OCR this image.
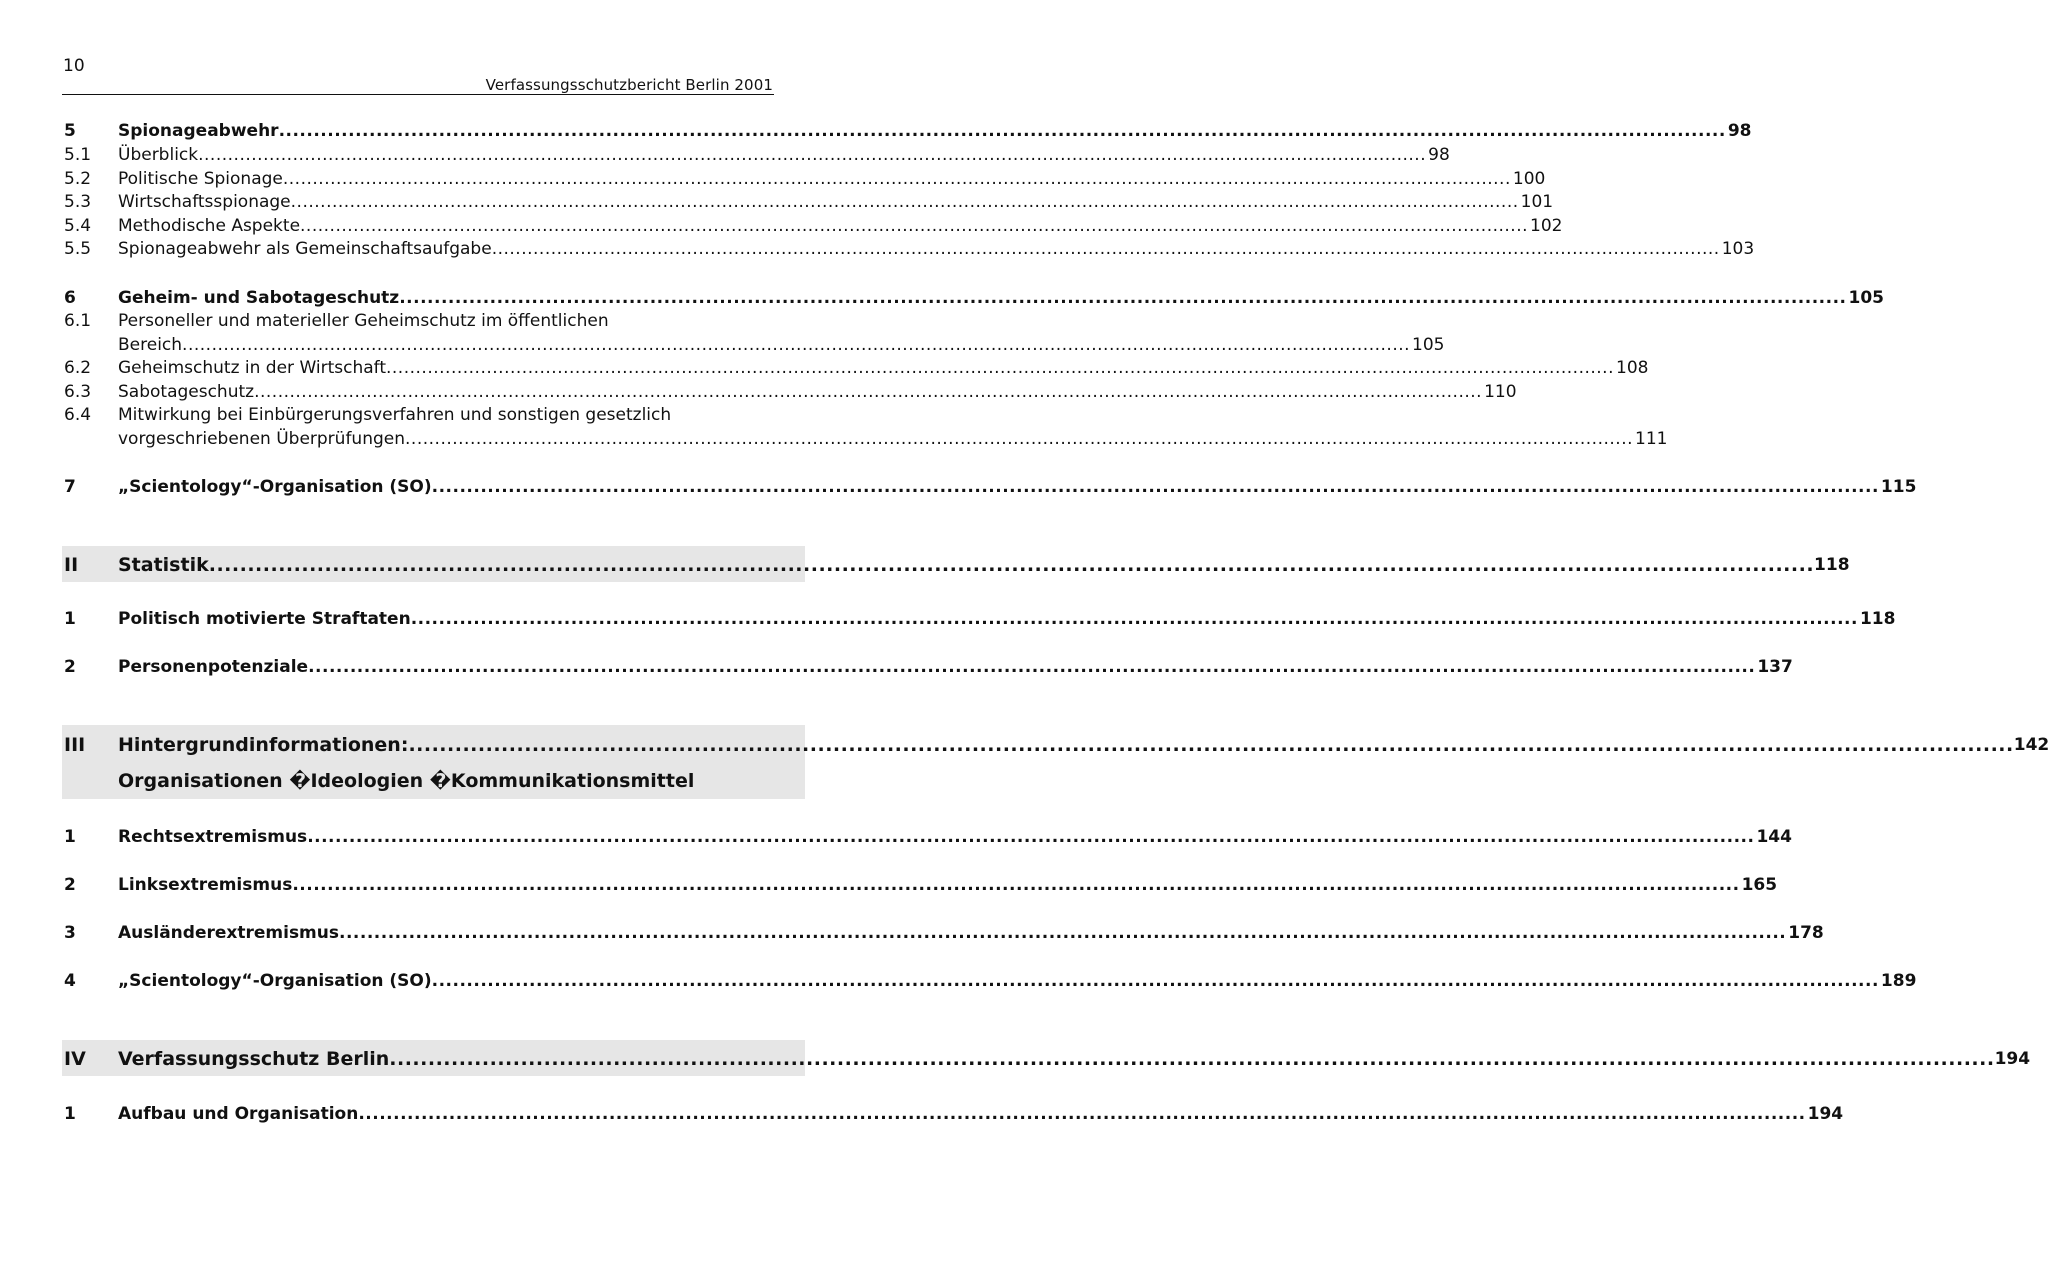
10
Verfassungsschutzbericht Berlin 2001
5 Spionageabwehr ................................................................................................................................................................................................................ 98
5.1 Überblick ................................................................................................................................................................................................................ 98
5.2 Politische Spionage ................................................................................................................................................................................................................ 100
5.3 Wirtschaftsspionage ................................................................................................................................................................................................................ 101
5.4 Methodische Aspekte ................................................................................................................................................................................................................ 102
5.5 Spionageabwehr als Gemeinschaftsaufgabe ................................................................................................................................................................................................................ 103
6 Geheim- und Sabotageschutz ................................................................................................................................................................................................................ 105
6.1 Personeller und materieller Geheimschutz im öffentlichen
Bereich ................................................................................................................................................................................................................ 105
6.2 Geheimschutz in der Wirtschaft ................................................................................................................................................................................................................ 108
6.3 Sabotageschutz ................................................................................................................................................................................................................ 110
6.4 Mitwirkung bei Einbürgerungsverfahren und sonstigen gesetzlich
vorgeschriebenen Überprüfungen ................................................................................................................................................................................................................ 111
7 „Scientology“-Organisation (SO) ................................................................................................................................................................................................................ 115
II Statistik ................................................................................................................................................................................................................ 118
1 Politisch motivierte Straftaten ................................................................................................................................................................................................................ 118
2 Personenpotenziale ................................................................................................................................................................................................................ 137
III Hintergrundinformationen: ................................................................................................................................................................................................................ 142
Organisationen �Ideologien �Kommunikationsmittel
1 Rechtsextremismus ................................................................................................................................................................................................................ 144
2 Linksextremismus ................................................................................................................................................................................................................ 165
3 Ausländerextremismus ................................................................................................................................................................................................................ 178
4 „Scientology“-Organisation (SO) ................................................................................................................................................................................................................ 189
IV Verfassungsschutz Berlin ................................................................................................................................................................................................................ 194
1 Aufbau und Organisation ................................................................................................................................................................................................................ 194
